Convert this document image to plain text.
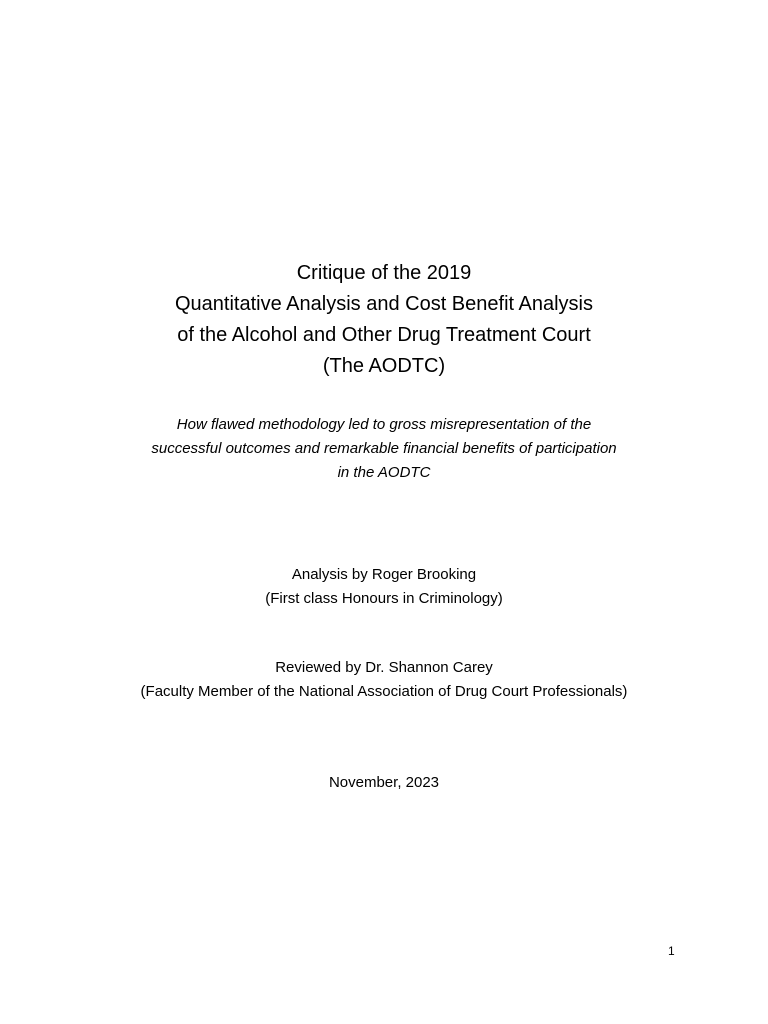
Critique of the 2019
Quantitative Analysis and Cost Benefit Analysis
of the Alcohol and Other Drug Treatment Court
(The AODTC)
How flawed methodology led to gross misrepresentation of the
successful outcomes and remarkable financial benefits of participation
in the AODTC
Analysis by Roger Brooking
(First class Honours in Criminology)
Reviewed by Dr. Shannon Carey
(Faculty Member of the National Association of Drug Court Professionals)
November, 2023
1
